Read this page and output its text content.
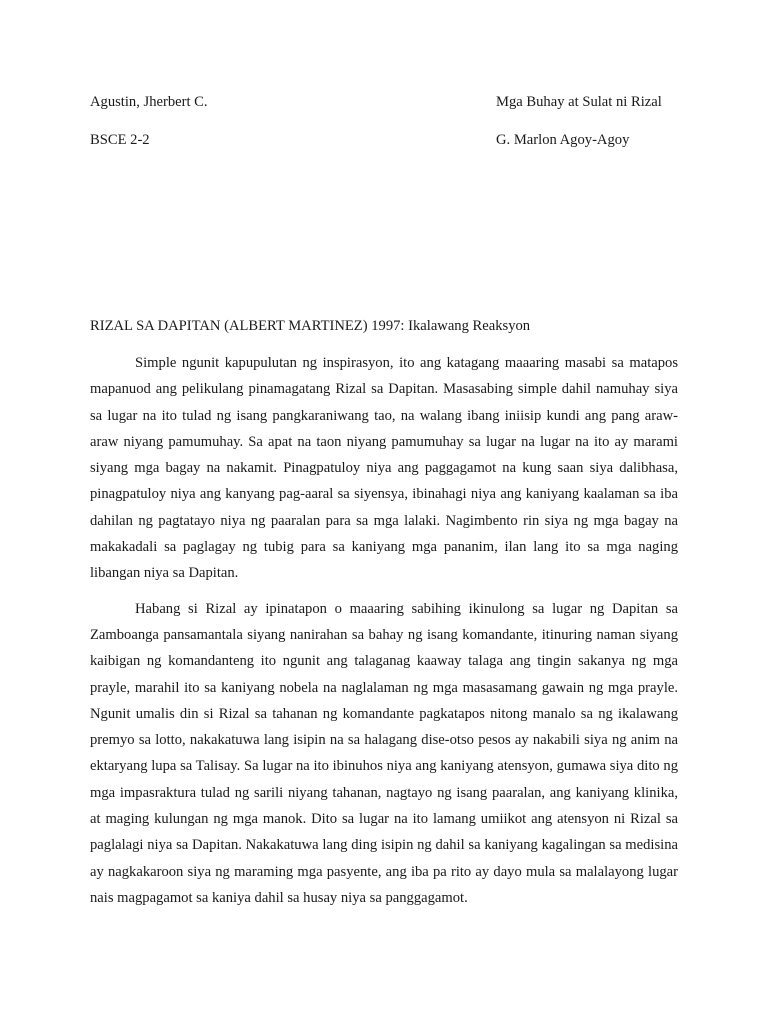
Agustin, Jherbert C.	Mga Buhay at Sulat ni Rizal
BSCE 2-2	G. Marlon Agoy-Agoy
RIZAL SA DAPITAN (ALBERT MARTINEZ) 1997: Ikalawang Reaksyon

Simple ngunit kapupulutan ng inspirasyon, ito ang katagang maaaring masabi sa matapos mapanuod ang pelikulang pinamagatang Rizal sa Dapitan. Masasabing simple dahil namuhay siya sa lugar na ito tulad ng isang pangkaraniwang tao, na walang ibang iniisip kundi ang pang araw-araw niyang pamumuhay. Sa apat na taon niyang pamumuhay sa lugar na lugar na ito ay marami siyang mga bagay na nakamit. Pinagpatuloy niya ang paggagamot na kung saan siya dalibhasa, pinagpatuloy niya ang kanyang pag-aaral sa siyensya, ibinahagi niya ang kaniyang kaalaman sa iba dahilan ng pagtatayo niya ng paaralan para sa mga lalaki. Nagimbento rin siya ng mga bagay na makakadali sa paglagay ng tubig para sa kaniyang mga pananim, ilan lang ito sa mga naging libangan niya sa Dapitan.

Habang si Rizal ay ipinatapon o maaaring sabihing ikinulong sa lugar ng Dapitan sa Zamboanga pansamantala siyang nanirahan sa bahay ng isang komandante, itinuring naman siyang kaibigan ng komandanteng ito ngunit ang talaganag kaaway talaga ang tingin sakanya ng mga prayle, marahil ito sa kaniyang nobela na naglalaman ng mga masasamang gawain ng mga prayle. Ngunit umalis din si Rizal sa tahanan ng komandante pagkatapos nitong manalo sa ng ikalawang premyo sa lotto, nakakatuwa lang isipin na sa halagang dise-otso pesos ay nakabili siya ng anim na ektaryang lupa sa Talisay. Sa lugar na ito ibinuhos niya ang kaniyang atensyon, gumawa siya dito ng mga impasraktura tulad ng sarili niyang tahanan, nagtayo ng isang paaralan, ang kaniyang klinika, at maging kulungan ng mga manok. Dito sa lugar na ito lamang umiikot ang atensyon ni Rizal sa paglalagi niya sa Dapitan. Nakakatuwa lang ding isipin ng dahil sa kaniyang kagalingan sa medisina ay nagkakaroon siya ng maraming mga pasyente, ang iba pa rito ay dayo mula sa malalayong lugar nais magpagamot sa kaniya dahil sa husay niya sa panggagamot.
